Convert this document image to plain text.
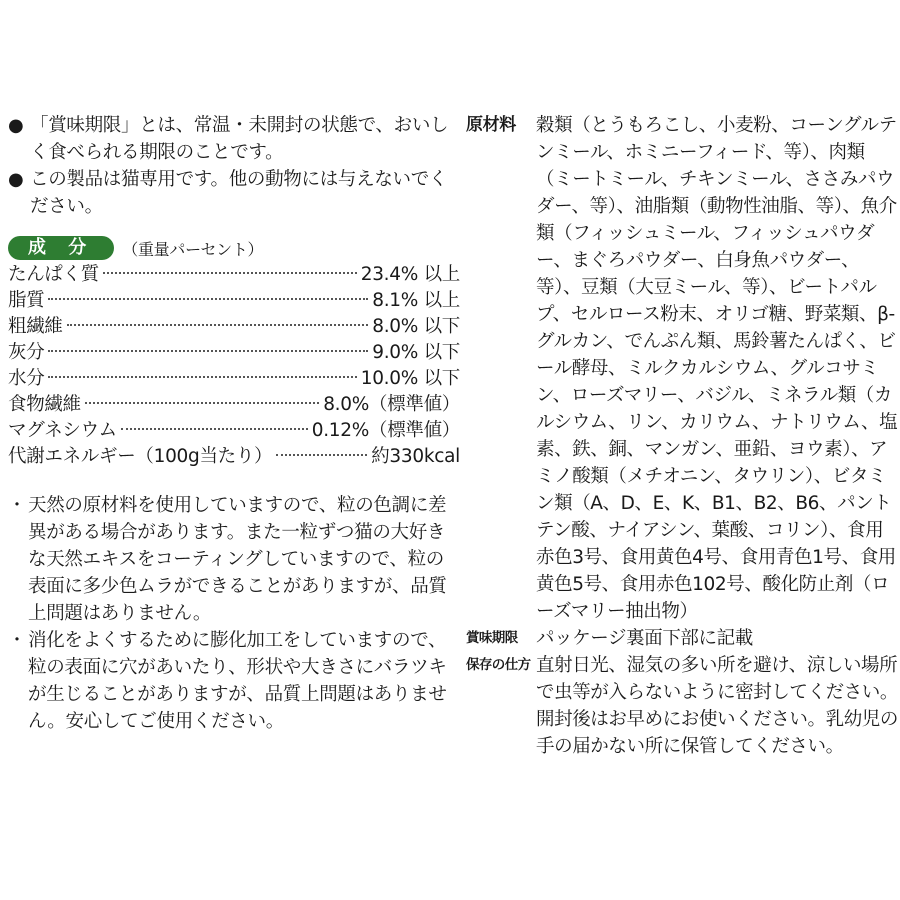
● 「賞味期限」とは、常温・未開封の状態で、おいしく食べられる期限のことです。
● この製品は猫専用です。他の動物には与えないでください。
成 分	（重量パーセント）
たんぱく質	23.4% 以上
脂質	8.1% 以上
粗繊維	8.0% 以下
灰分	9.0% 以下
水分	10.0% 以下
食物繊維	8.0%（標準値）
マグネシウム	0.12%（標準値）
代謝エネルギー（100g当たり）	約330kcal
・ 天然の原材料を使用していますので、粒の色調に差異がある場合があります。また一粒ずつ猫の大好きな天然エキスをコーティングしていますので、粒の表面に多少色ムラができることがありますが、品質上問題はありません。
・ 消化をよくするために膨化加工をしていますので、粒の表面に穴があいたり、形状や大きさにバラツキが生じることがありますが、品質上問題はありません。安心してご使用ください。
原材料	穀類（とうもろこし、小麦粉、コーングルテンミール、ホミニーフィード、等）、肉類（ミートミール、チキンミール、ささみパウダー、等）、油脂類（動物性油脂、等）、魚介類（フィッシュミール、フィッシュパウダー、まぐろパウダー、白身魚パウダー、等）、豆類（大豆ミール、等）、ビートパルプ、セルロース粉末、オリゴ糖、野菜類、β-グルカン、でんぷん類、馬鈴薯たんぱく、ビール酵母、ミルクカルシウム、グルコサミン、ローズマリー、バジル、ミネラル類（カルシウム、リン、カリウム、ナトリウム、塩素、鉄、銅、マンガン、亜鉛、ヨウ素）、アミノ酸類（メチオニン、タウリン）、ビタミン類（A、D、E、K、B1、B2、B6、パントテン酸、ナイアシン、葉酸、コリン）、食用赤色3号、食用黄色4号、食用青色1号、食用黄色5号、食用赤色102号、酸化防止剤（ローズマリー抽出物）
賞味期限 パッケージ裏面下部に記載
保存の仕方 直射日光、湿気の多い所を避け、涼しい場所で虫等が入らないように密封してください。開封後はお早めにお使いください。乳幼児の手の届かない所に保管してください。
